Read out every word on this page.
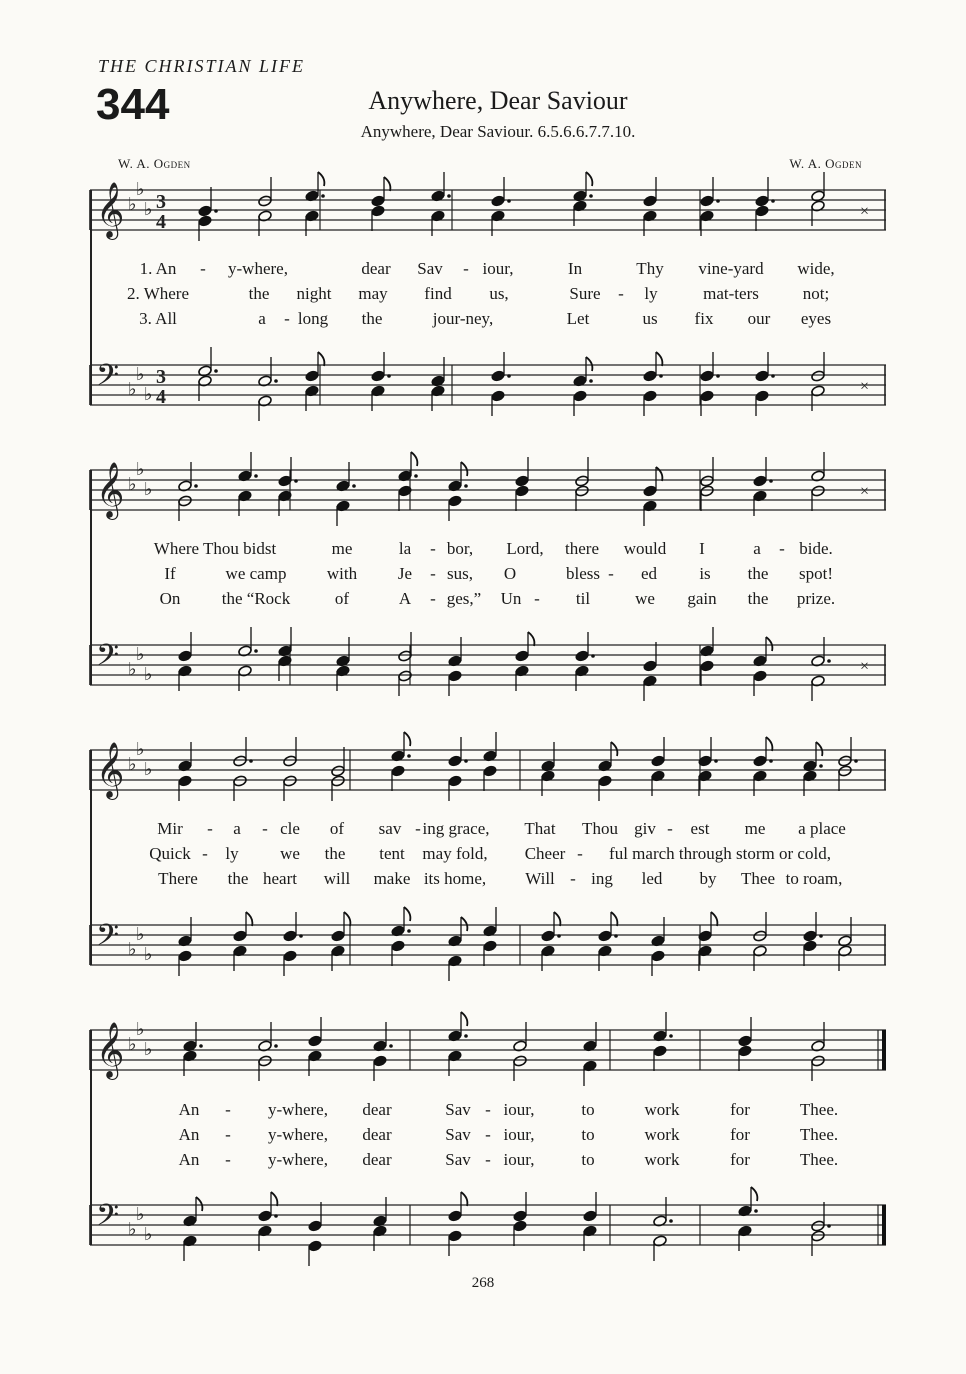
THE CHRISTIAN LIFE
344	Anywhere, Dear Saviour
Anywhere, Dear Saviour. 6.5.6.6.7.7.10.
W. A. Ogden	W. A. Ogden
𝄞 ♭
♭
♭ 3
4	×
𝄢 ♭
♭
♭
3
4	×
1. An - y-where,	dear Sav - iour,	In	Thy vine-yard wide,
2. Where	the night may find us,	Sure - ly	mat-ters	not;
3. All	a - long the	jour-ney,	Let	us fix our eyes
𝄞 ♭
♭
♭	×
𝄢 ♭
♭
♭	×
Where Thou bidst	me	la - bor, Lord, there would I	a - bide.
If	we camp with Je - sus, O	bless - ed is the spot!
On the “Rock	of	A - ges,” Un - til	we gain the prize.
𝄞 ♭
♭
♭
𝄢 ♭
♭
♭
Mir - a - cle of sav - ing grace, That Thou giv - est me a place
Quick - ly we the tent may fold, Cheer - ful march through storm or cold,
There the heart will make its home, Will - ing led by Thee to roam,
𝄞 ♭
♭
♭
𝄢 ♭
♭
♭
An - y-where, dear	Sav - iour,	to	work	for	Thee.
An - y-where, dear	Sav - iour,	to	work	for	Thee.
An - y-where, dear	Sav - iour,	to	work	for	Thee.
268
